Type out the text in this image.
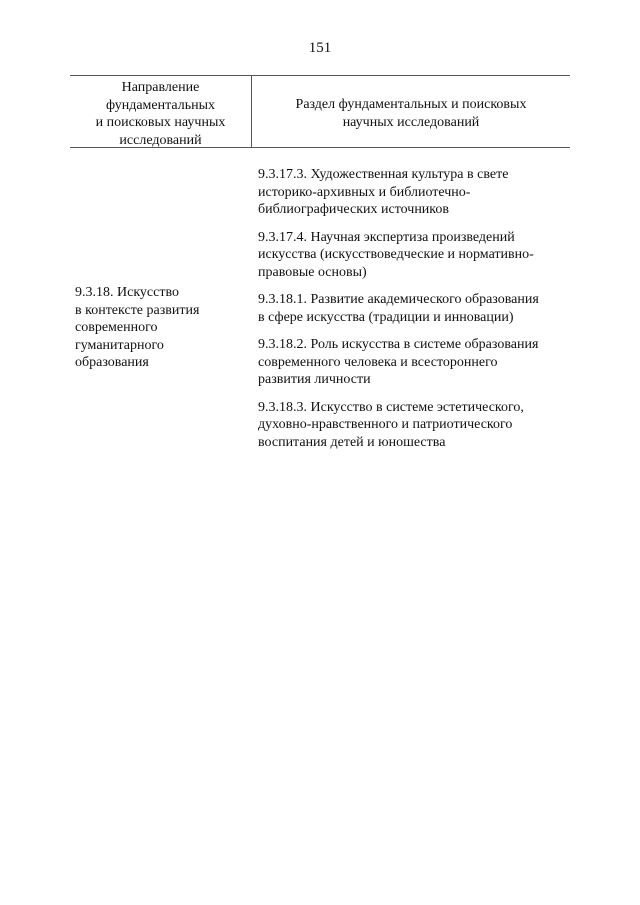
151
Направление
фундаментальных
и поисковых научных
исследований
Раздел фундаментальных и поисковых
научных исследований
9.3.18. Искусство
в контексте развития
современного
гуманитарного
образования
9.3.17.3. Художественная культура в свете
историко-архивных и библиотечно-
библиографических источников
9.3.17.4. Научная экспертиза произведений
искусства (искусствоведческие и нормативно-
правовые основы)
9.3.18.1. Развитие академического образования
в сфере искусства (традиции и инновации)
9.3.18.2. Роль искусства в системе образования
современного человека и всестороннего
развития личности
9.3.18.3. Искусство в системе эстетического,
духовно-нравственного и патриотического
воспитания детей и юношества
